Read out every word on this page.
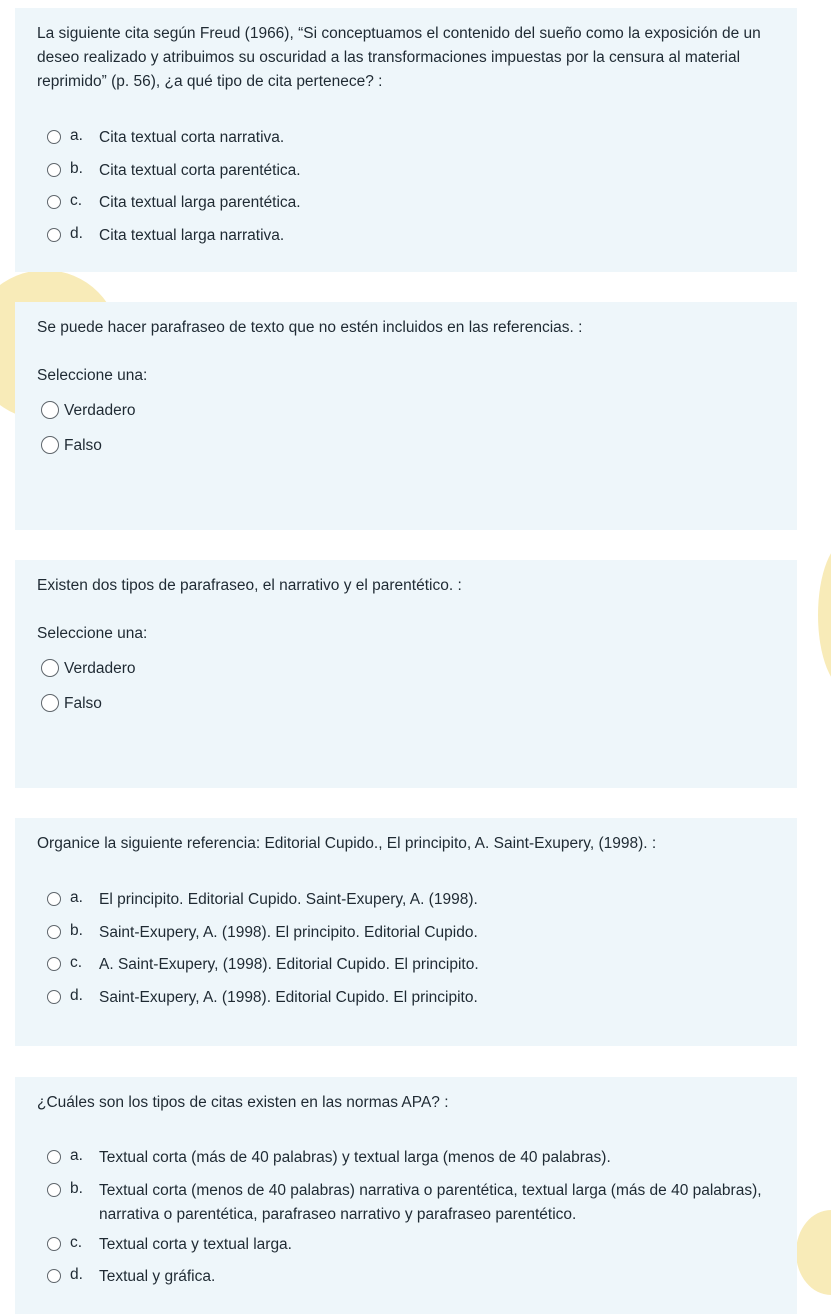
La siguiente cita según Freud (1966), “Si conceptuamos el contenido del sueño como la exposición de un deseo realizado y atribuimos su oscuridad a las transformaciones impuestas por la censura al material reprimido” (p. 56), ¿a qué tipo de cita pertenece? :

a. Cita textual corta narrativa.
b. Cita textual corta parentética.
c. Cita textual larga parentética.
d. Cita textual larga narrativa.

Se puede hacer parafraseo de texto que no estén incluidos en las referencias. :

Seleccione una:

Verdadero
Falso

Existen dos tipos de parafraseo, el narrativo y el parentético. :

Seleccione una:

Verdadero
Falso

Organice la siguiente referencia: Editorial Cupido., El principito, A. Saint-Exupery, (1998). :

a. El principito. Editorial Cupido. Saint-Exupery, A. (1998).
b. Saint-Exupery, A. (1998). El principito. Editorial Cupido.
c. A. Saint-Exupery, (1998). Editorial Cupido. El principito.
d. Saint-Exupery, A. (1998). Editorial Cupido. El principito.

¿Cuáles son los tipos de citas existen en las normas APA? :

a. Textual corta (más de 40 palabras) y textual larga (menos de 40 palabras).
b. Textual corta (menos de 40 palabras) narrativa o parentética, textual larga (más de 40 palabras), narrativa o parentética, parafraseo narrativo y parafraseo parentético.
c. Textual corta y textual larga.
d. Textual y gráfica.
